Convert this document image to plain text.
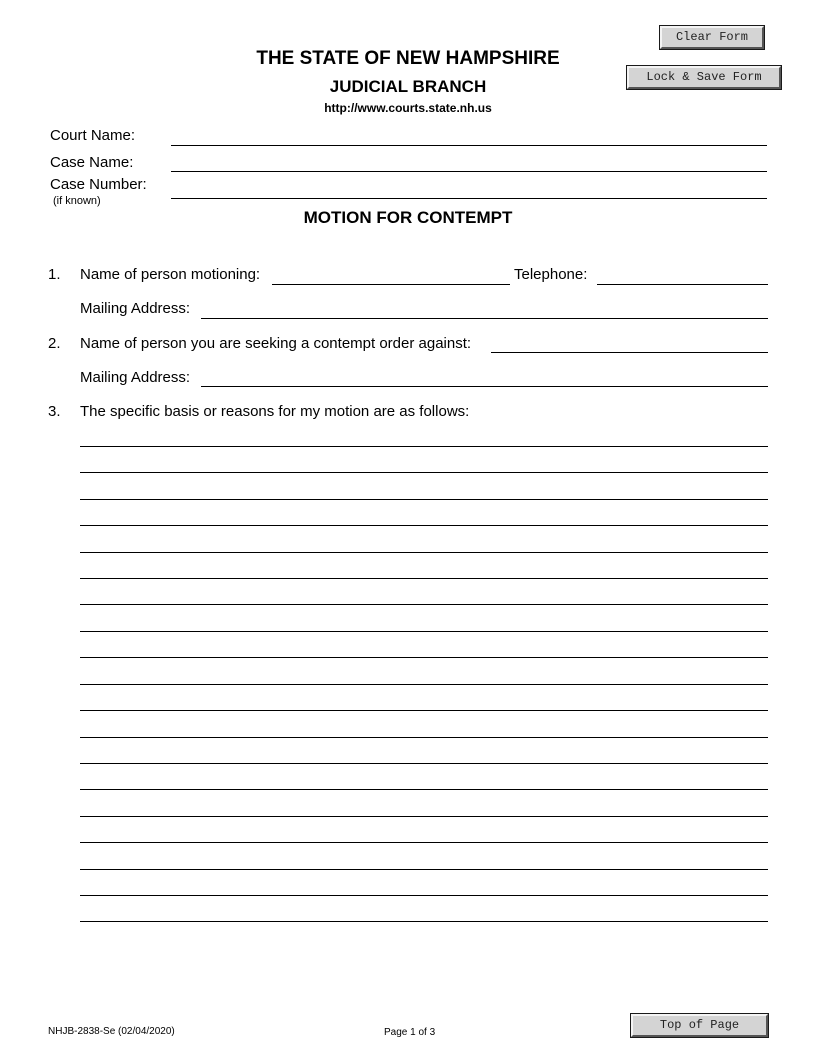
Clear Form
Lock & Save Form
THE STATE OF NEW HAMPSHIRE
JUDICIAL BRANCH
http://www.courts.state.nh.us
Court Name:
Case Name:
Case Number:
(if known)
MOTION FOR CONTEMPT
1. Name of person motioning:	Telephone:
Mailing Address:
2. Name of person you are seeking a contempt order against:
Mailing Address:
3. The specific basis or reasons for my motion are as follows:
NHJB-2838-Se (02/04/2020)	Page 1 of 3
Top of Page
